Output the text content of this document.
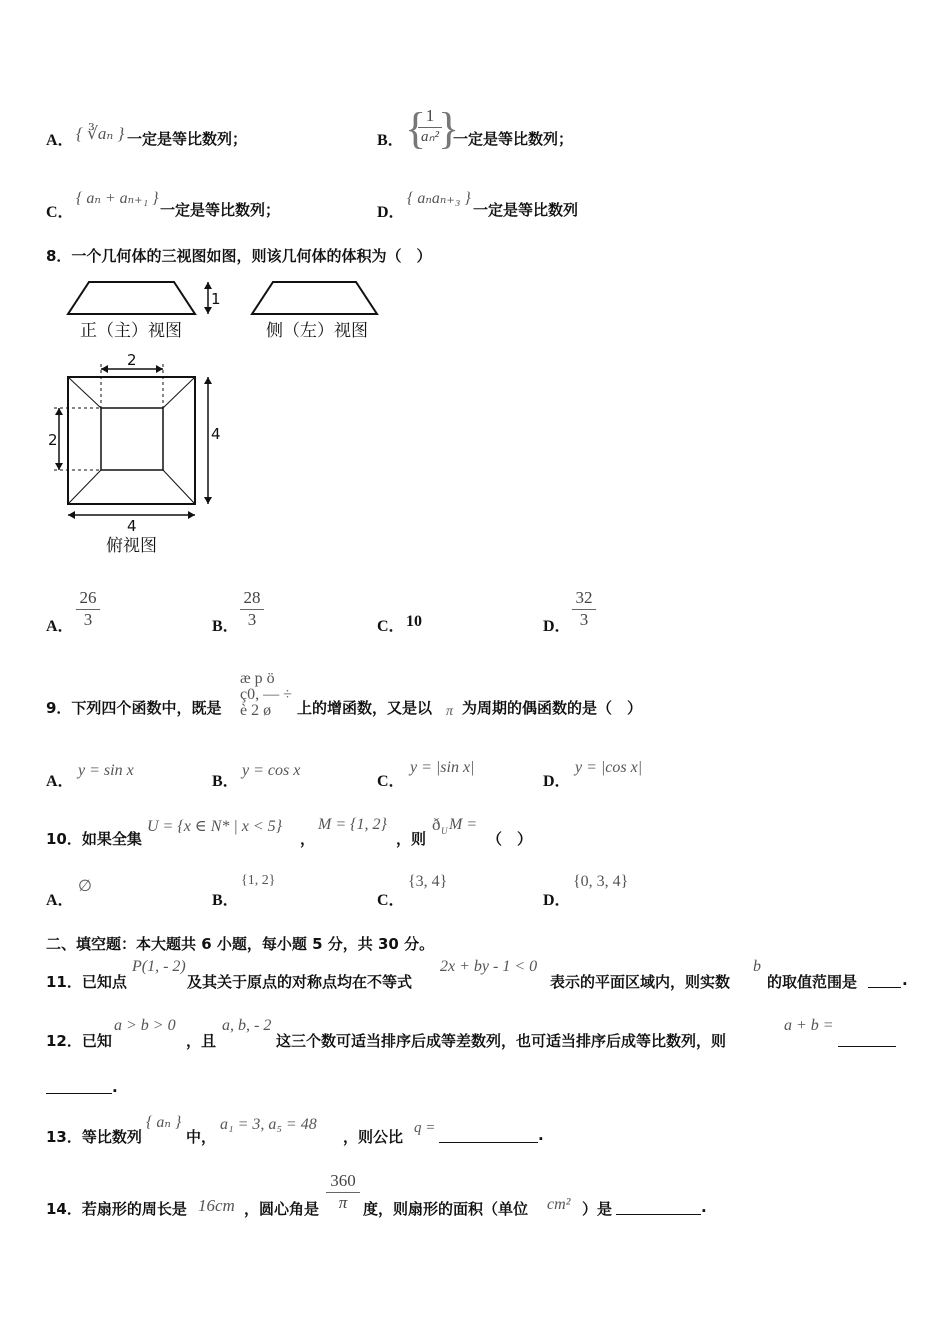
A． { ∛aₙ } 一定是等比数列；	B． { 1
aₙ² }
一定是等比数列；
C．
{ aₙ + aₙ₊₁ }
一定是等比数列；	D．
{ aₙaₙ₊₃ }
一定是等比数列
8．一个几何体的三视图如图，则该几何体的体积为（　）
1
正（主）视图	侧（左）视图
2
2	4
4
俯视图
A．
26
3	B．
28
3	C． 10	D．
32
3
9．下列四个函数中，既是
æ p ö
ç0, ― ÷
è 2 ø 上的增函数，又是以 π 为周期的偶函数的是（　）
A．
y = sin x
B．
y = cos x
C．
y = |sin x|
D．
y = |cos x|
10．如果全集
U = {x ∈ N* | x < 5}
，
M = {1, 2}
，则
ð U M =
（　）
A．
∅
B．
{1, 2}
C．
{3, 4}
D．
{0, 3, 4}
二、填空题：本大题共 6 小题，每小题 5 分，共 30 分。
11．已知点
P(1, - 2)
及其关于原点的对称点均在不等式
2x + by - 1 < 0
表示的平面区域内，则实数
b
的取值范围是	.
12．已知
a > b > 0
，且
a, b, - 2
这三个数可适当排序后成等差数列，也可适当排序后成等比数列，则
a + b =
.
13．等比数列
{ aₙ }
中，
a₁ = 3, a₅ = 48
，则公比 q =	.
14．若扇形的周长是 16cm ，圆心角是
360
π	度，则扇形的面积（单位 cm² ）是	.
